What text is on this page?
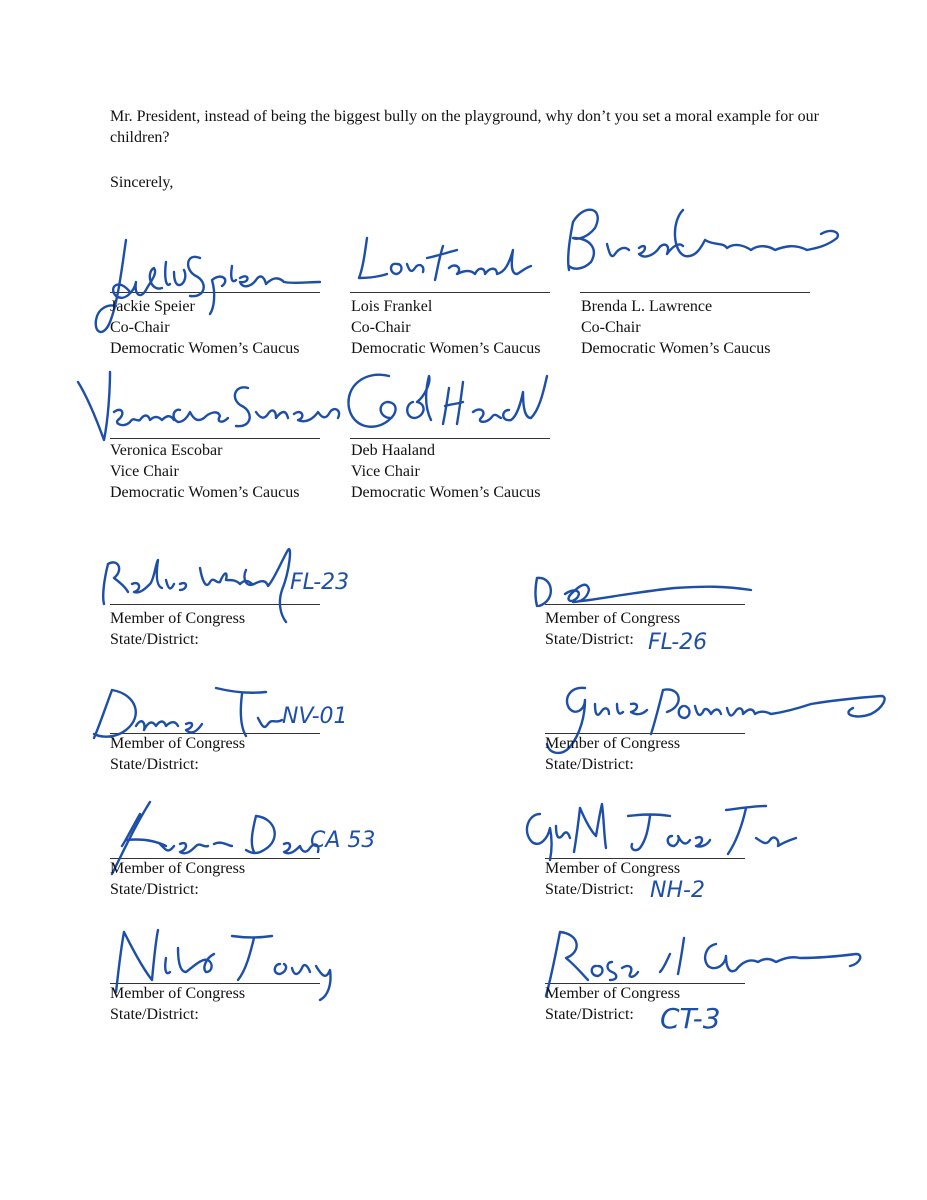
Mr. President, instead of being the biggest bully on the playground, why don’t you set a moral example for our children?
Sincerely,
Jackie Speier
Co-Chair
Democratic Women’s Caucus
Lois Frankel
Co-Chair
Democratic Women’s Caucus
Brenda L. Lawrence
Co-Chair
Democratic Women’s Caucus
Veronica Escobar
Vice Chair
Democratic Women’s Caucus
Deb Haaland
Vice Chair
Democratic Women’s Caucus
FL-23
Member of Congress
State/District:
NV-01
Member of Congress
State/District:
CA 53
Member of Congress
State/District:
Member of Congress
State/District:
FL-26
Member of Congress
State/District:
Member of Congress
State/District:
NH-2
Member of Congress
State/District:
CT-3
Member of Congress
State/District:
